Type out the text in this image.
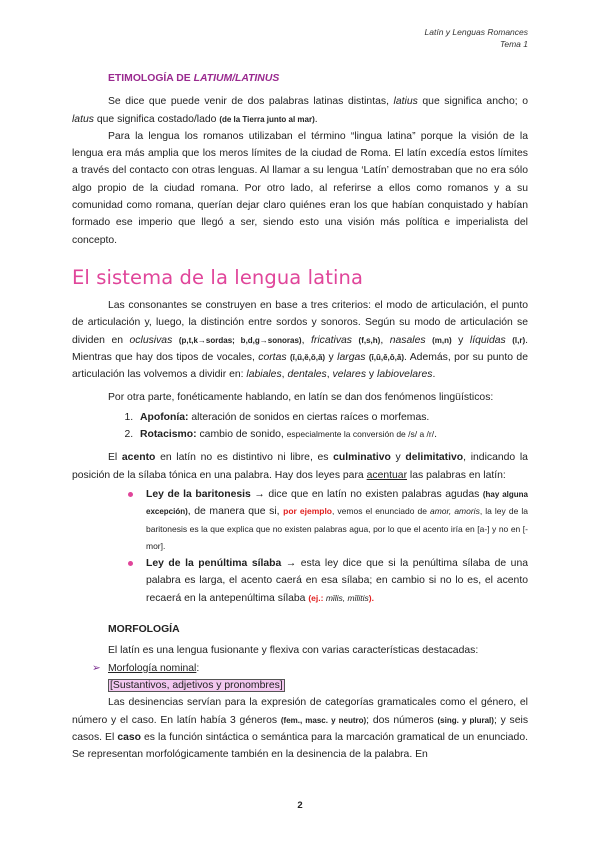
Latín y Lenguas Romances
Tema 1
ETIMOLOGÍA DE LATIUM/LATINUS

Se dice que puede venir de dos palabras latinas distintas, latius que significa ancho; o latus que significa costado/lado (de la Tierra junto al mar).

Para la lengua los romanos utilizaban el término “lingua latina” porque la visión de la lengua era más amplia que los meros límites de la ciudad de Roma. El latín excedía estos límites a través del contacto con otras lenguas. Al llamar a su lengua ‘Latín’ demostraban que no era sólo algo propio de la ciudad romana. Por otro lado, al referirse a ellos como romanos y a su comunidad como romana, querían dejar claro quiénes eran los que habían conquistado y habían formado ese imperio que llegó a ser, siendo esto una visión más política e imperialista del concepto.

El sistema de la lengua latina

Las consonantes se construyen en base a tres criterios: el modo de articulación, el punto de articulación y, luego, la distinción entre sordos y sonoros. Según su modo de articulación se dividen en oclusivas (p,t,k→sordas; b,d,g→sonoras), fricativas (f,s,h), nasales (m,n) y líquidas (l,r). Mientras que hay dos tipos de vocales, cortas (ĭ,ŭ,ĕ,ŏ,ă) y largas (ī,ū,ē,ō,ā). Además, por su punto de articulación las volvemos a dividir en: labiales, dentales, velares y labiovelares.

Por otra parte, fonéticamente hablando, en latín se dan dos fenómenos lingüísticos:

1. Apofonía: alteración de sonidos en ciertas raíces o morfemas.
2. Rotacismo: cambio de sonido, especialmente la conversión de /s/ a /r/.

El acento en latín no es distintivo ni libre, es culminativo y delimitativo, indicando la posición de la sílaba tónica en una palabra. Hay dos leyes para acentuar las palabras en latín:

Ley de la baritonesis → dice que en latín no existen palabras agudas (hay alguna excepción), de manera que si, por ejemplo, vemos el enunciado de amor, amoris, la ley de la baritonesis es la que explica que no existen palabras agua, por lo que el acento iría en [a-] y no en [-mor].

Ley de la penúltima sílaba → esta ley dice que si la penúltima sílaba de una palabra es larga, el acento caerá en esa sílaba; en cambio si no lo es, el acento recaerá en la antepenúltima sílaba (ej.: mīlis, mīlitis).

MORFOLOGÍA

El latín es una lengua fusionante y flexiva con varias características destacadas:

➢ Morfología nominal:
[Sustantivos, adjetivos y pronombres]

Las desinencias servían para la expresión de categorías gramaticales como el género, el número y el caso. En latín había 3 géneros (fem., masc. y neutro); dos números (sing. y plural); y seis casos. El caso es la función sintáctica o semántica para la marcación gramatical de un enunciado. Se representan morfológicamente también en la desinencia de la palabra. En

2
